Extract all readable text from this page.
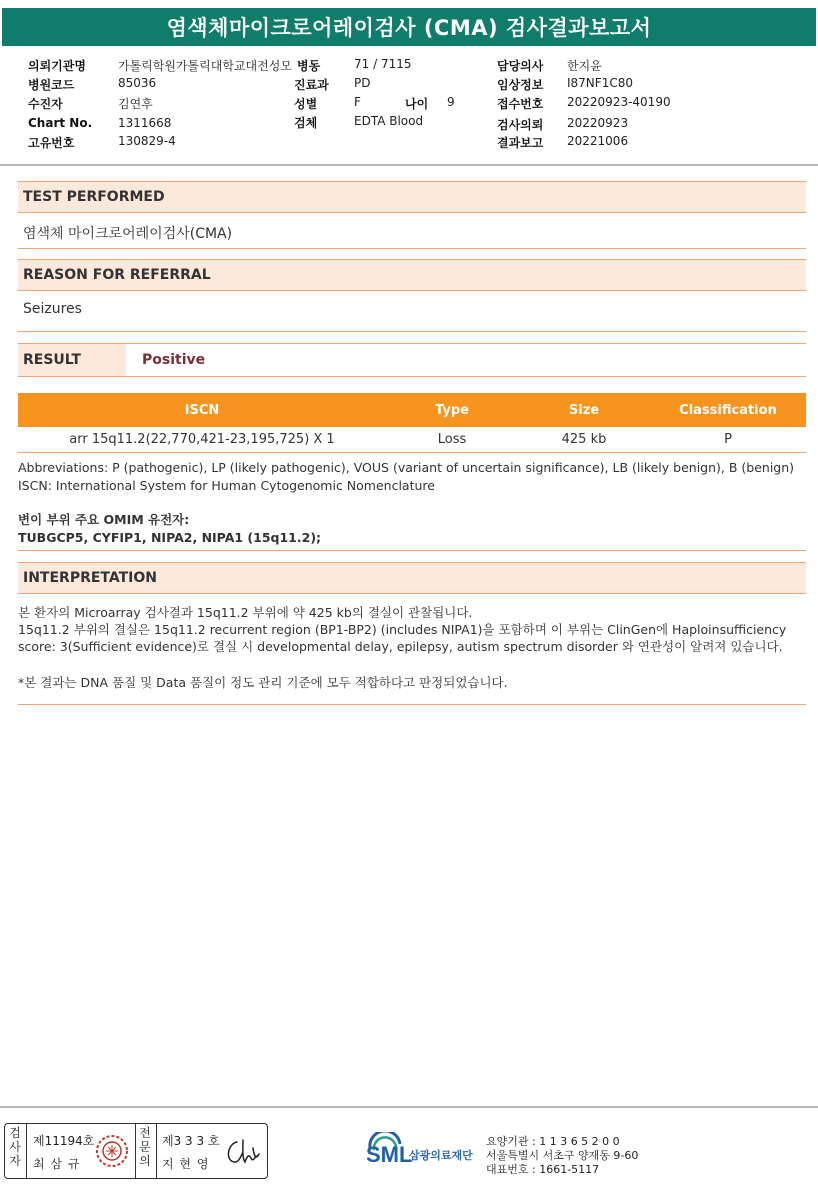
염색체마이크로어레이검사 (CMA) 검사결과보고서
의뢰기관명	가톨릭학원가톨릭대학교대전성모 병동	71 / 7115	담당의사 한지윤
병원코드	85036	진료과 PD	임상정보 I87NF1C80
수진자	김연후	성별	F	나이 9	접수번호 20220923-40190
Chart No. 1311668	검체	EDTA Blood	검사의뢰 20220923
고유번호	130829-4	결과보고 20221006
TEST PERFORMED
염색체 마이크로어레이검사(CMA)
REASON FOR REFERRAL
Seizures
RESULT	Positive
ISCN	Type	Size	Classification
arr 15q11.2(22,770,421-23,195,725) X 1	Loss	425 kb	P
Abbreviations: P (pathogenic), LP (likely pathogenic), VOUS (variant of uncertain significance), LB (likely benign), B (benign)
ISCN: International System for Human Cytogenomic Nomenclature
변이 부위 주요 OMIM 유전자:
TUBGCP5, CYFIP1, NIPA2, NIPA1 (15q11.2);
INTERPRETATION
본 환자의 Microarray 검사결과 15q11.2 부위에 약 425 kb의 결실이 관찰됩니다.
15q11.2 부위의 결실은 15q11.2 recurrent region (BP1-BP2) (includes NIPA1)을 포함하며 이 부위는 ClinGen에 Haploinsufficiency
score: 3(Sufficient evidence)로 결실 시 developmental delay, epilepsy, autism spectrum disorder 와 연관성이 알려져 있습니다.
*본 결과는 DNA 품질 및 Data 품질이 정도 관리 기준에 모두 적합하다고 판정되었습니다.
검
사
자
제11194호
최 삼 규
전
문
의
제3 3 3 호
지 현 영	SML
삼광의료재단
요양기관 : 1 1 3 6 5 2 0 0
서울특별시 서초구 양재동 9-60
대표번호 : 1661-5117
